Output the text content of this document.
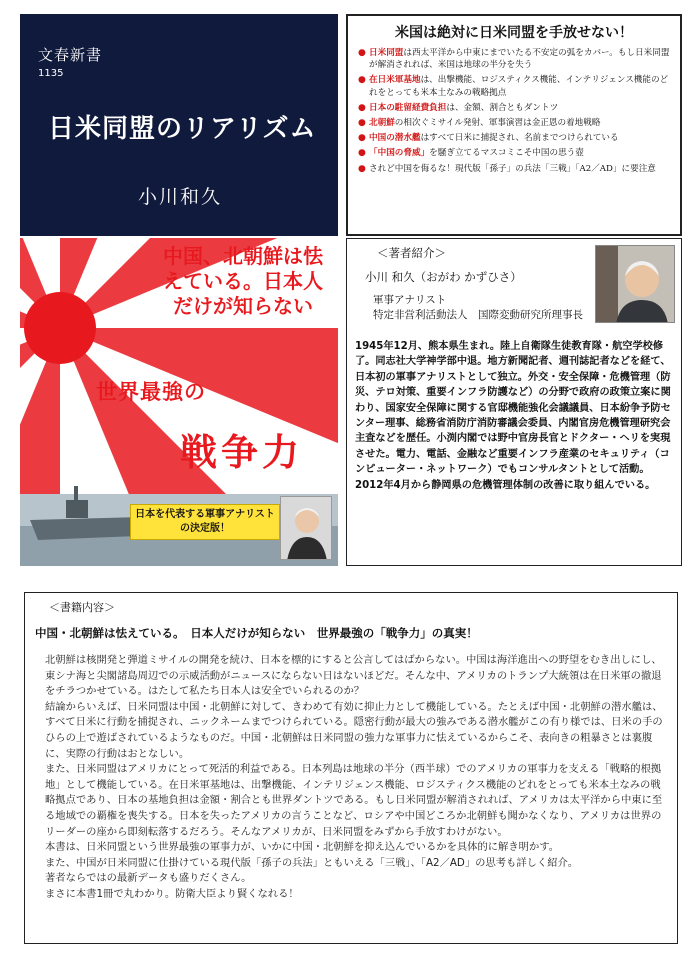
文春新書
1135
日米同盟のリアリズム
小川和久
米国は絶対に日米同盟を手放せない！
● 日米同盟は西太平洋から中東にまでいたる不安定の弧をカバー。もし日米同盟が解消されれば、米国は地球の半分を失う
● 在日米軍基地は、出撃機能、ロジスティクス機能、インテリジェンス機能のどれをとっても米本土なみの戦略拠点
● 日本の駐留経費負担は、金額、割合ともダントツ
● 北朝鮮の相次ぐミサイル発射、軍事演習は金正恩の着地戦略
● 中国の潜水艦はすべて日米に捕捉され、名前までつけられている
● 「中国の脅威」を騒ぎ立てるマスコミこそ中国の思う壺
● されど中国を侮るな！現代版「孫子」の兵法「三戦」「A2／AD」に要注意
中国、北朝鮮は怯えている。日本人だけが知らない
世界最強の
戦争力
日本を代表する軍事アナリストの決定版！
＜著者紹介＞
小川 和久（おがわ かずひさ）
軍事アナリスト
特定非営利活動法人　国際変動研究所理事長
1945年12月、熊本県生まれ。陸上自衛隊生徒教育隊・航空学校修了。同志社大学神学部中退。地方新聞記者、週刊誌記者などを経て、日本初の軍事アナリストとして独立。外交・安全保障・危機管理（防災、テロ対策、重要インフラ防護など）の分野で政府の政策立案に関わり、国家安全保障に関する官邸機能強化会議議員、日本紛争予防センター理事、総務省消防庁消防審議会委員、内閣官房危機管理研究会主査などを歴任。小渕内閣では野中官房長官とドクター・ヘリを実現させた。電力、電話、金融など重要インフラ産業のセキュリティ（コンピューター・ネットワーク）でもコンサルタントとして活動。2012年4月から静岡県の危機管理体制の改善に取り組んでいる。
＜書籍内容＞
中国・北朝鮮は怯えている。　日本人だけが知らない　世界最強の「戦争力」の真実！
北朝鮮は核開発と弾道ミサイルの開発を続け、日本を標的にすると公言してはばからない。中国は海洋進出への野望をむき出しにし、東シナ海と尖閣諸島周辺での示威活動がニュースにならない日はないほどだ。そんな中、アメリカのトランプ大統領は在日米軍の撤退をチラつかせている。はたして私たち日本人は安全でいられるのか？
結論からいえば、日米同盟は中国・北朝鮮に対して、きわめて有効に抑止力として機能している。たとえば中国・北朝鮮の潜水艦は、すべて日米に行動を捕捉され、ニックネームまでつけられている。隠密行動が最大の強みである潜水艦がこの有り様では、日米の手のひらの上で遊ばされているようなものだ。中国・北朝鮮は日米同盟の強力な軍事力に怯えているからこそ、表向きの粗暴さとは裏腹に、実際の行動はおとなしい。
また、日米同盟はアメリカにとって死活的利益である。日本列島は地球の半分（西半球）でのアメリカの軍事力を支える「戦略的根拠地」として機能している。在日米軍基地は、出撃機能、インテリジェンス機能、ロジスティクス機能のどれをとっても米本土なみの戦略拠点であり、日本の基地負担は金額・割合とも世界ダントツである。もし日米同盟が解消されれば、アメリカは太平洋から中東に至る地域での覇権を喪失する。日本を失ったアメリカの言うことなど、ロシアや中国どころか北朝鮮も聞かなくなり、アメリカは世界のリーダーの座から即刻転落するだろう。そんなアメリカが、日米同盟をみずから手放すわけがない。
本書は、日米同盟という世界最強の軍事力が、いかに中国・北朝鮮を抑え込んでいるかを具体的に解き明かす。
また、中国が日米同盟に仕掛けている現代版「孫子の兵法」ともいえる「三戦」、「A2／AD」の思考も詳しく紹介。
著者ならではの最新データも盛りだくさん。
まさに本書1冊で丸わかり。防衛大臣より賢くなれる！
